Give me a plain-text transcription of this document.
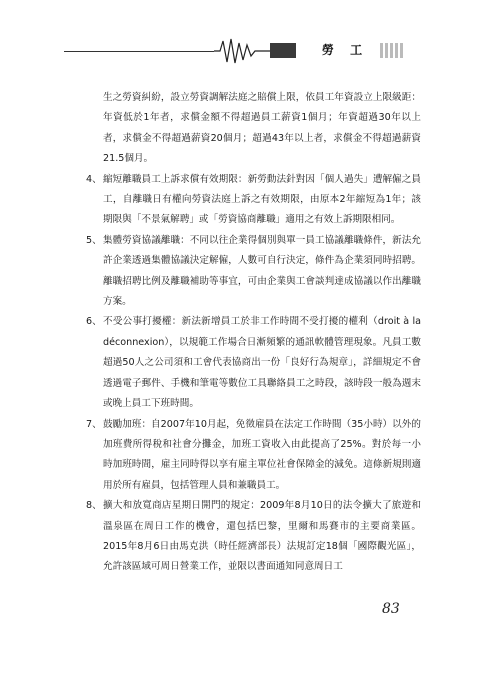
勞 工

生之勞資糾紛，設立勞資調解法庭之賠償上限，依員工年資設立上限級距：年資低於1年者，求償金額不得超過員工薪資1個月；年資超過30年以上者，求償金不得超過薪資20個月；超過43年以上者，求償金不得超過薪資21.5個月。

4、 縮短離職員工上訴求償有效期限：新勞動法針對因「個人過失」遭解僱之員工，自離職日有權向勞資法庭上訴之有效期限，由原本2年縮短為1年；該期限與「不景氣解聘」或「勞資協商離職」適用之有效上訴期限相同。

5、 集體勞資協議離職：不同以往企業得個別與單一員工協議離職條件，新法允許企業透過集體協議決定解僱，人數可自行決定，條件為企業須同時招聘。離職招聘比例及離職補助等事宜，可由企業與工會談判達成協議以作出離職方案。

6、 不受公事打擾權：新法新增員工於非工作時間不受打擾的權利（droit à la déconnexion），以規範工作場合日漸頻繁的通訊軟體管理現象。凡員工數超過50人之公司須和工會代表協商出一份「良好行為規章」，詳細規定不會透過電子郵件、手機和筆電等數位工具聯絡員工之時段，該時段一般為週末或晚上員工下班時間。

7、 鼓勵加班：自2007年10月起，免徵雇員在法定工作時間（35小時）以外的加班費所得稅和社會分攤金，加班工資收入由此提高了25%。對於每一小時加班時間，雇主同時得以享有雇主單位社會保障金的減免。這條新規則適用於所有雇員，包括管理人員和兼職員工。

8、 擴大和放寬商店星期日開門的規定：2009年8月10日的法令擴大了旅遊和溫泉區在周日工作的機會，還包括巴黎，里爾和馬賽市的主要商業區。2015年8月6日由馬克洪（時任經濟部長）法規訂定18個「國際觀光區」，允許該區域可周日營業工作，並限以書面通知同意周日工

83
